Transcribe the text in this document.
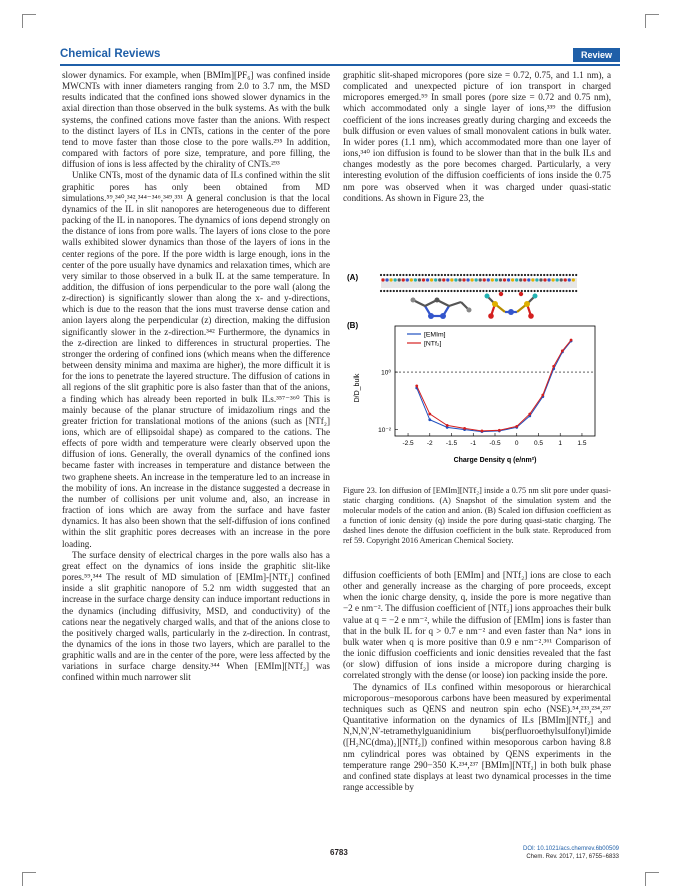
Chemical Reviews	Review

slower dynamics. For example, when [BMIm][PF₆] was confined inside MWCNTs with inner diameters ranging from 2.0 to 3.7 nm, the MSD results indicated that the confined ions showed slower dynamics in the axial direction than those observed in the bulk systems. As with the bulk systems, the confined cations move faster than the anions. With respect to the distinct layers of ILs in CNTs, cations in the center of the pore tend to move faster than those close to the pore walls.²⁹⁵ In addition, compared with factors of pore size, temprature, and pore filling, the diffusion of ions is less affected by the chirality of CNTs.²⁹³

Unlike CNTs, most of the dynamic data of ILs confined within the slit graphitic pores has only been obtained from MD simulations.⁵⁹,³⁴⁰,³⁴²,³⁴⁴⁻³⁴⁶,³⁴⁹,³⁵¹ A general conclusion is that the local dynamics of the IL in slit nanopores are heterogeneous due to different packing of the IL in nanopores. The dynamics of ions depend strongly on the distance of ions from pore walls. The layers of ions close to the pore walls exhibited slower dynamics than those of the layers of ions in the center regions of the pore. If the pore width is large enough, ions in the center of the pore usually have dynamics and relaxation times, which are very similar to those observed in a bulk IL at the same temperature. In addition, the diffusion of ions perpendicular to the pore wall (along the z-direction) is significantly slower than along the x- and y-directions, which is due to the reason that the ions must traverse dense cation and anion layers along the perpendicular (z) direction, making the diffusion significantly slower in the z-direction.³⁴² Furthermore, the dynamics in the z-direction are linked to differences in structural properties. The stronger the ordering of confined ions (which means when the difference between density minima and maxima are higher), the more difficult it is for the ions to penetrate the layered structure. The diffusion of cations in all regions of the slit graphitic pore is also faster than that of the anions, a finding which has already been reported in bulk ILs.³⁵⁷⁻³⁶⁰ This is mainly because of the planar structure of imidazolium rings and the greater friction for translational motions of the anions (such as [NTf₂] ions, which are of ellipsoidal shape) as compared to the cations. The effects of pore width and temperature were clearly observed upon the diffusion of ions. Generally, the overall dynamics of the confined ions became faster with increases in temperature and distance between the two graphene sheets. An increase in the temperature led to an increase in the mobility of ions. An increase in the distance suggested a decrease in the number of collisions per unit volume and, also, an increase in fraction of ions which are away from the surface and have faster dynamics. It has also been shown that the self-diffusion of ions confined within the slit graphitic pores decreases with an increase in the pore loading.

The surface density of electrical charges in the pore walls also has a great effect on the dynamics of ions inside the graphitic slit-like pores.⁵⁹,³⁴⁴ The result of MD simulation of [EMIm]-[NTf₂] confined inside a slit graphitic nanopore of 5.2 nm width suggested that an increase in the surface charge density can induce important reductions in the dynamics (including diffusivity, MSD, and conductivity) of the cations near the negatively charged walls, and that of the anions close to the positively charged walls, particularly in the z-direction. In contrast, the dynamics of the ions in those two layers, which are parallel to the graphitic walls and are in the center of the pore, were less affected by the variations in surface charge density.³⁴⁴ When [EMIm][NTf₂] was confined within much narrower slit

graphitic slit-shaped micropores (pore size = 0.72, 0.75, and 1.1 nm), a complicated and unexpected picture of ion transport in charged micropores emerged.⁵⁹ In small pores (pore size = 0.72 and 0.75 nm), which accommodated only a single layer of ions,³³⁹ the diffusion coefficient of the ions increases greatly during charging and exceeds the bulk diffusion or even values of small monovalent cations in bulk water. In wider pores (1.1 nm), which accommodated more than one layer of ions,³⁴⁰ ion diffusion is found to be slower than that in the bulk ILs and changes modestly as the pore becomes charged. Particularly, a very interesting evolution of the diffusion coefficients of ions inside the 0.75 nm pore was observed when it was charged under quasi-static conditions. As shown in Figure 23, the

(A)
(B)
D/D_bulk
Charge Density q (e/nm²)
-2.5 -2 -1.5 -1 -0.5 0 0.5 1 1.5
10⁰
10⁻²
[EMIm]
[NTf₂]
Figure 23. Ion diffusion of [EMIm][NTf₂] inside a 0.75 nm slit pore under quasi-static charging conditions. (A) Snapshot of the simulation system and the molecular models of the cation and anion. (B) Scaled ion diffusion coefficient as a function of ionic density (q) inside the pore during quasi-static charging. The dashed lines denote the diffusion coefficient in the bulk state. Reproduced from ref 59. Copyright 2016 American Chemical Society.

diffusion coefficients of both [EMIm] and [NTf₂] ions are close to each other and generally increase as the charging of pore proceeds, except when the ionic charge density, q, inside the pore is more negative than −2 e nm⁻². The diffusion coefficient of [NTf₂] ions approaches their bulk value at q = −2 e nm⁻², while the diffusion of [EMIm] ions is faster than that in the bulk IL for q > 0.7 e nm⁻² and even faster than Na⁺ ions in bulk water when q is more positive than 0.9 e nm⁻².³⁶¹ Comparison of the ionic diffusion coefficients and ionic densities revealed that the fast (or slow) diffusion of ions inside a micropore during charging is correlated strongly with the dense (or loose) ion packing inside the pore.

The dynamics of ILs confined within mesoporous or hierarchical microporous−mesoporous carbons have been measured by experimental techniques such as QENS and neutron spin echo (NSE).⁵⁴,²³³,²³⁴,²³⁷ Quantitative information on the dynamics of ILs [BMIm][NTf₂] and N,N,N′,N′-tetramethylguanidinium bis(perfluoroethylsulfonyl)imide ([H₂NC(dma)₂][NTf₂]) confined within mesoporous carbon having 8.8 nm cylindrical pores was obtained by QENS experiments in the temperature range 290−350 K.²³⁴,²³⁷ [BMIm][NTf₂] in both bulk phase and confined state displays at least two dynamical processes in the time range accessible by

6783	DOI: 10.1021/acs.chemrev.6b00509
Chem. Rev. 2017, 117, 6755−6833
